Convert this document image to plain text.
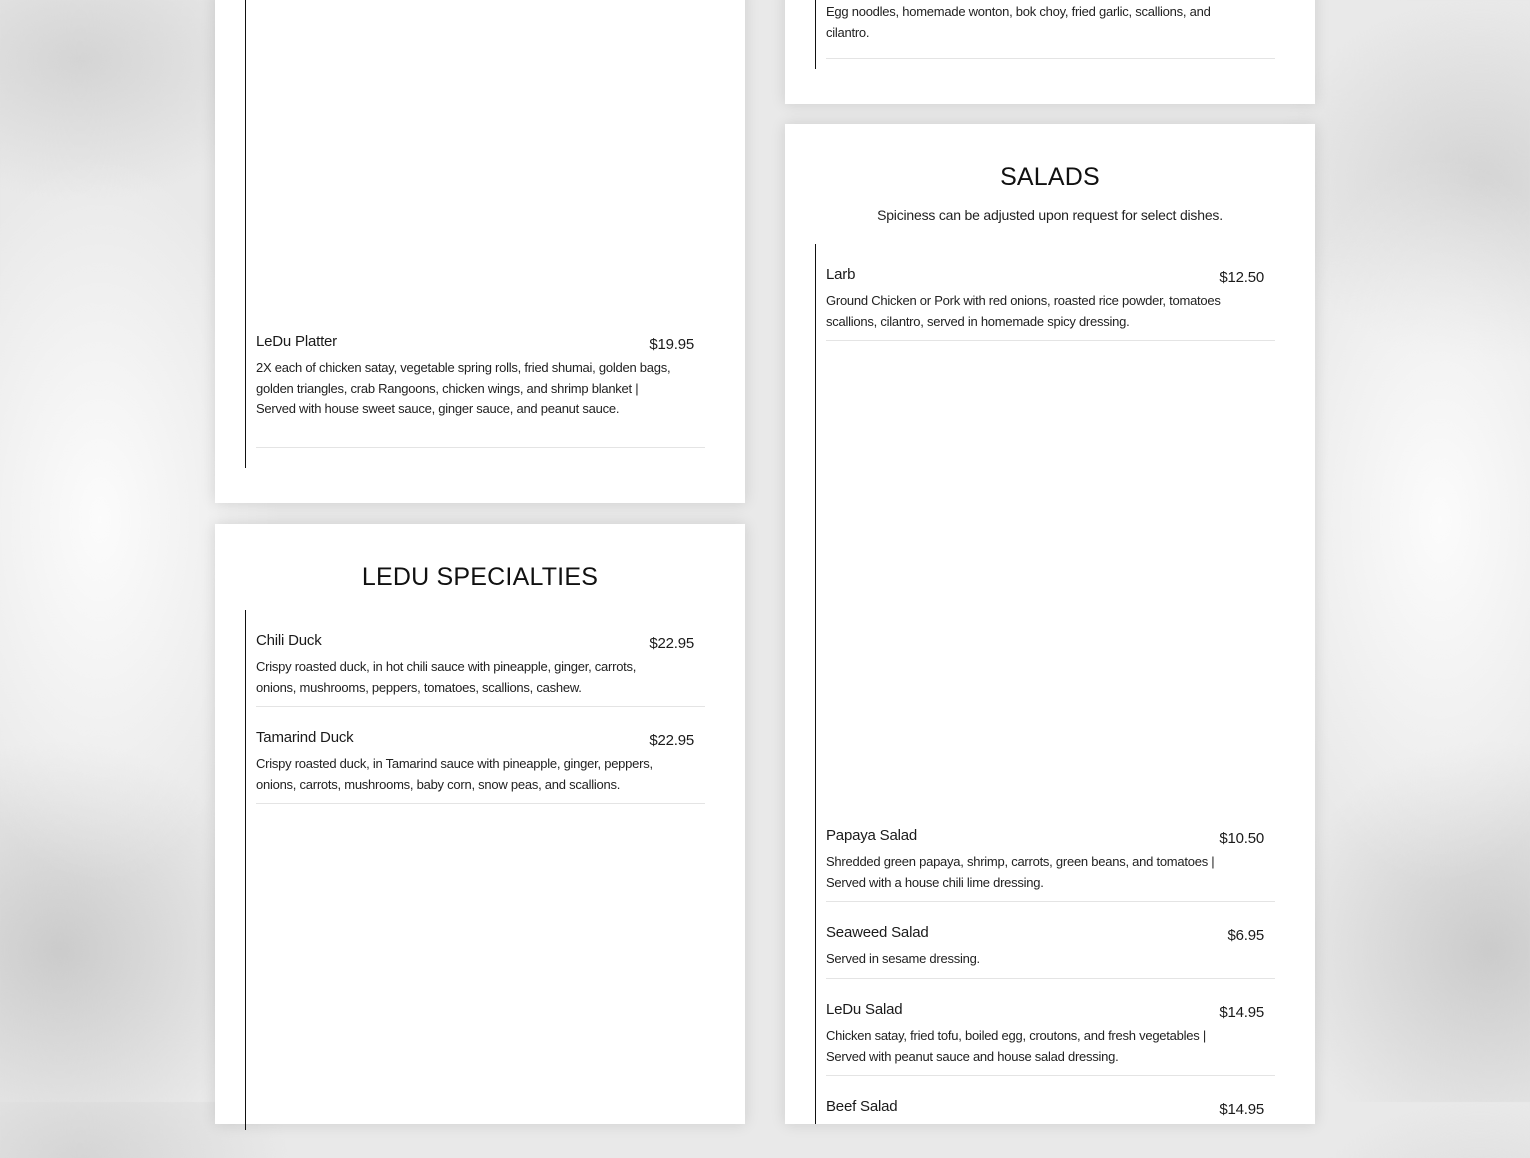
LeDu Platter	$19.95
2X each of chicken satay, vegetable spring rolls, fried shumai, golden bags, golden triangles, crab Rangoons, chicken wings, and shrimp blanket | Served with house sweet sauce, ginger sauce, and peanut sauce.
LEDU SPECIALTIES
Chili Duck	$22.95
Crispy roasted duck, in hot chili sauce with pineapple, ginger, carrots, onions, mushrooms, peppers, tomatoes, scallions, cashew.
Tamarind Duck	$22.95
Crispy roasted duck, in Tamarind sauce with pineapple, ginger, peppers, onions, carrots, mushrooms, baby corn, snow peas, and scallions.
Egg noodles, homemade wonton, bok choy, fried garlic, scallions, and cilantro.
SALADS
Spiciness can be adjusted upon request for select dishes.
Larb	$12.50
Ground Chicken or Pork with red onions, roasted rice powder, tomatoes scallions, cilantro, served in homemade spicy dressing.
Papaya Salad	$10.50
Shredded green papaya, shrimp, carrots, green beans, and tomatoes | Served with a house chili lime dressing.
Seaweed Salad	$6.95
Served in sesame dressing.
LeDu Salad	$14.95
Chicken satay, fried tofu, boiled egg, croutons, and fresh vegetables | Served with peanut sauce and house salad dressing.
Beef Salad	$14.95
